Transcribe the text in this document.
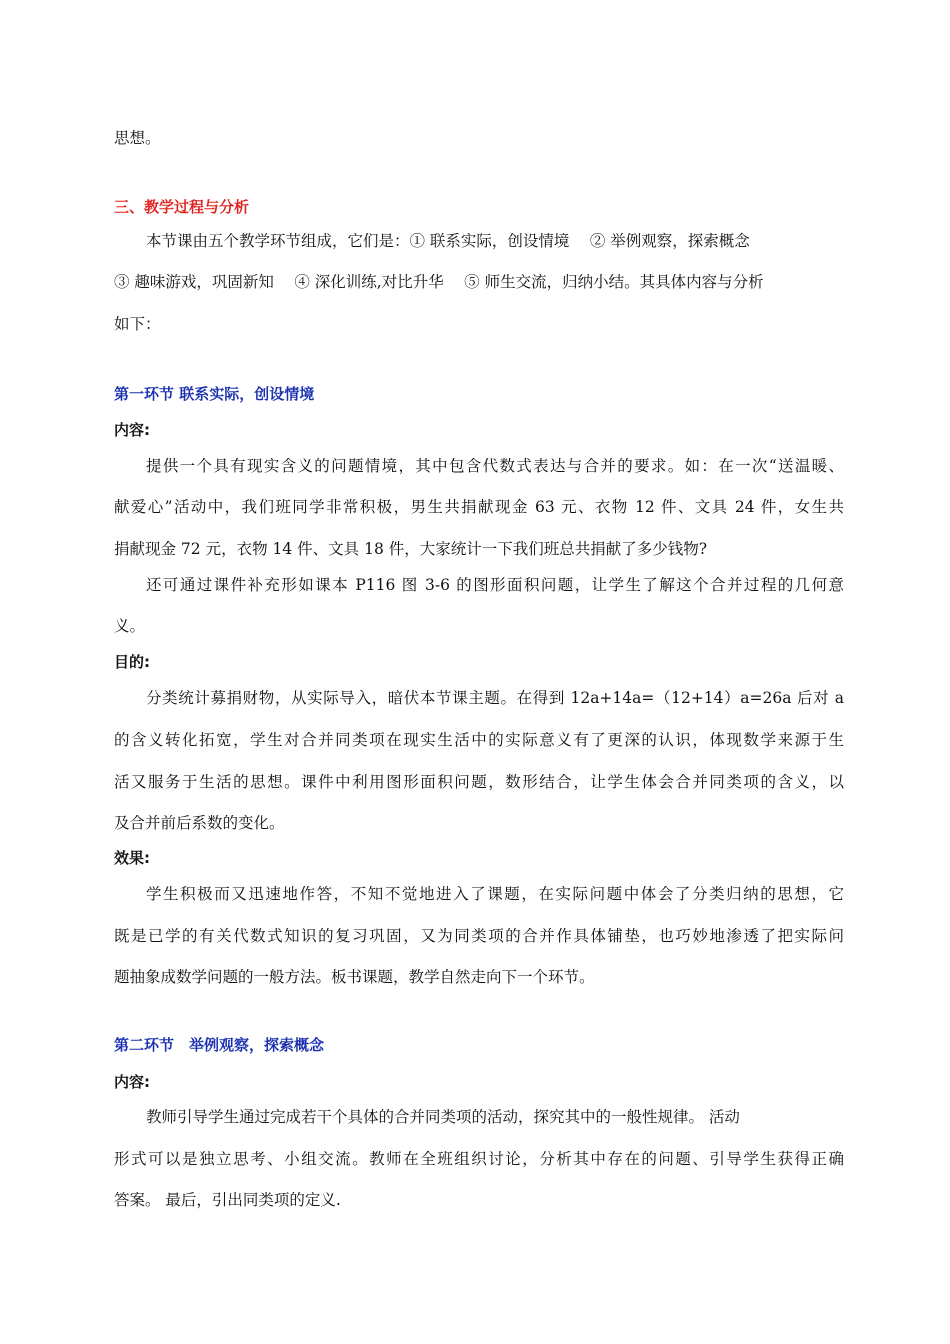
思想。
三、教学过程与分析
本节课由五个教学环节组成，它们是：① 联系实际，创设情境　 ② 举例观察，探索概念
③ 趣味游戏，巩固新知　 ④ 深化训练,对比升华　 ⑤ 师生交流，归纳小结。其具体内容与分析
如下：
第一环节 联系实际，创设情境
内容:
提供一个具有现实含义的问题情境，其中包含代数式表达与合并的要求。如：在一次“送温暖、
献爱心”活动中，我们班同学非常积极，男生共捐献现金 63 元、衣物 12 件、文具 24 件，女生共
捐献现金 72 元，衣物 14 件、文具 18 件，大家统计一下我们班总共捐献了多少钱物?
还可通过课件补充形如课本 P116 图 3-6 的图形面积问题，让学生了解这个合并过程的几何意
义。
目的:
分类统计募捐财物，从实际导入，暗伏本节课主题。在得到 12a+14a=（12+14）a=26a 后对 a
的含义转化拓宽，学生对合并同类项在现实生活中的实际意义有了更深的认识，体现数学来源于生
活又服务于生活的思想。课件中利用图形面积问题，数形结合，让学生体会合并同类项的含义，以
及合并前后系数的变化。
效果:
学生积极而又迅速地作答，不知不觉地进入了课题，在实际问题中体会了分类归纳的思想，它
既是已学的有关代数式知识的复习巩固，又为同类项的合并作具体铺垫，也巧妙地渗透了把实际问
题抽象成数学问题的一般方法。板书课题，教学自然走向下一个环节。
第二环节　举例观察，探索概念
内容:
教师引导学生通过完成若干个具体的合并同类项的活动，探究其中的一般性规律。 活动
形式可以是独立思考、小组交流。教师在全班组织讨论，分析其中存在的问题、引导学生获得正确
答案。 最后，引出同类项的定义.
